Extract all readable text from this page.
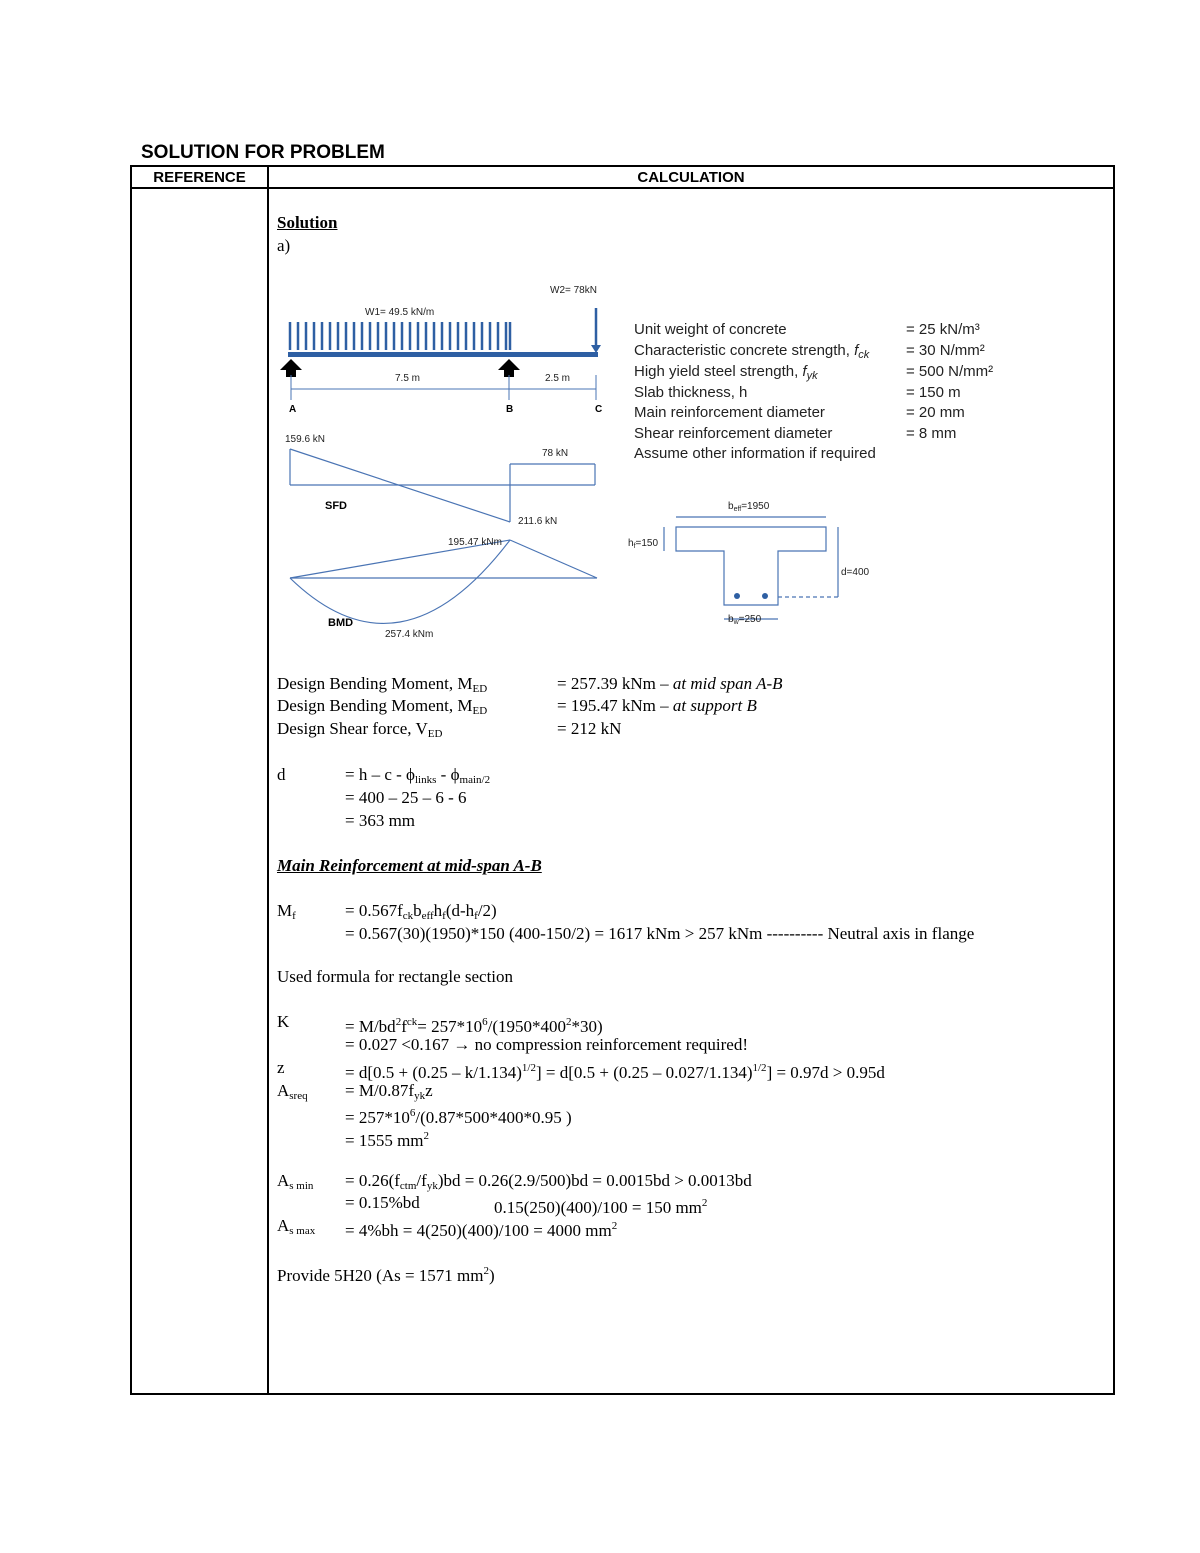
SOLUTION FOR PROBLEM
REFERENCE	CALCULATION
Solution
a)
W1= 49.5 kN/m
W2= 78kN
7.5 m	2.5 m
A	B	C
159.6 kN
78 kN
211.6 kN
SFD
195.47 kNm
257.4 kNm
BMD
$b_{eff}=1950$
$h_f=150$
d=400
$b_w=250$
Unit weight of concrete	= 25 kN/m³
Characteristic concrete strength, $f_{ck} = 30$ N/mm²
High yield steel strength, $f_{yk}$	= 500 N/mm²
Slab thickness, h	= 150 m
Main reinforcement diameter	= 20 mm
Shear reinforcement diameter	= 8 mm
Assume other information if required
Design Bending Moment, $M_{ED}$	= 257.39 kNm – at mid span A-B
Design Bending Moment, $M_{ED}$	= 195.47 kNm – at support B
Design Shear force, $V_{ED}$	= 212 kN
d	= h – c - $\phi_{links} - \phi_{main/2}$
= 400 – 25 – 6 - 6
= 363 mm
Main Reinforcement at mid-span A-B
$M_f$	= $0.567f_{ck}b_{eff}h_f(d-h_f/2)$
= 0.567(30)(1950)*150 (400-150/2) = 1617 kNm > 257 kNm ---------- Neutral axis in flange
Used formula for rectangle section
K	= $M/bd^2f^{ck}= 257*10^6/(1950*400^2*30)$
= 0.027 <0.167 → no compression reinforcement required!
z	= d[0.5 + (0.25 – k/1.134)$^{1/2}$] = d[0.5 + (0.25 – 0.027/1.134)$^{1/2}$] = 0.97d > 0.95d
$A_{sreq} = M/0.87f_{yk}z$
= $257*10^6/(0.87*500*400*0.95$ )
= 1555 $mm^2$
$A_{s min} = 0.26(f_{ctm}/f_{yk})bd = 0.26(2.9/500)bd = 0.0015bd > 0.0013bd$
= 0.15%bd	0.15(250)(400)/100 = 150 $mm^2$
$A_{s max} = 4\%bh = 4(250)(400)/100 = 4000$ $mm^2$
Provide 5H20 (As = 1571 $mm^2$)
